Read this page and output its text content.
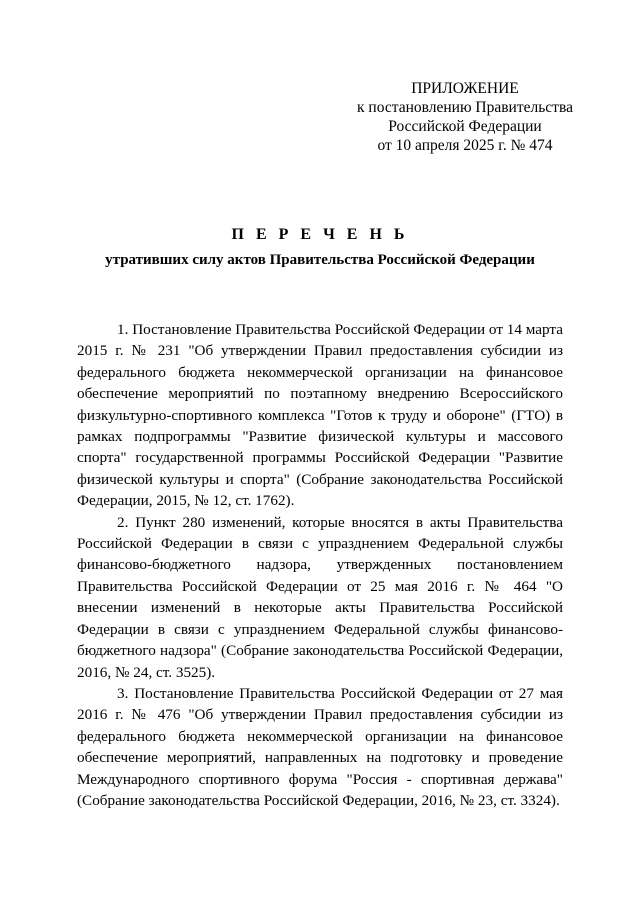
ПРИЛОЖЕНИЕ
к постановлению Правительства
Российской Федерации
от 10 апреля 2025 г. № 474
П Е Р Е Ч Е Н Ь
утративших силу актов Правительства Российской Федерации

1. Постановление Правительства Российской Федерации от 14 марта 2015 г. № 231 "Об утверждении Правил предоставления субсидии из федерального бюджета некоммерческой организации на финансовое обеспечение мероприятий по поэтапному внедрению Всероссийского физкультурно-спортивного комплекса "Готов к труду и обороне" (ГТО) в рамках подпрограммы "Развитие физической культуры и массового спорта" государственной программы Российской Федерации "Развитие физической культуры и спорта" (Собрание законодательства Российской Федерации, 2015, № 12, ст. 1762).

2. Пункт 280 изменений, которые вносятся в акты Правительства Российской Федерации в связи с упразднением Федеральной службы финансово-бюджетного надзора, утвержденных постановлением Правительства Российской Федерации от 25 мая 2016 г. № 464 "О внесении изменений в некоторые акты Правительства Российской Федерации в связи с упразднением Федеральной службы финансово-бюджетного надзора" (Собрание законодательства Российской Федерации, 2016, № 24, ст. 3525).

3. Постановление Правительства Российской Федерации от 27 мая 2016 г. № 476 "Об утверждении Правил предоставления субсидии из федерального бюджета некоммерческой организации на финансовое обеспечение мероприятий, направленных на подготовку и проведение Международного спортивного форума "Россия - спортивная держава" (Собрание законодательства Российской Федерации, 2016, № 23, ст. 3324).
